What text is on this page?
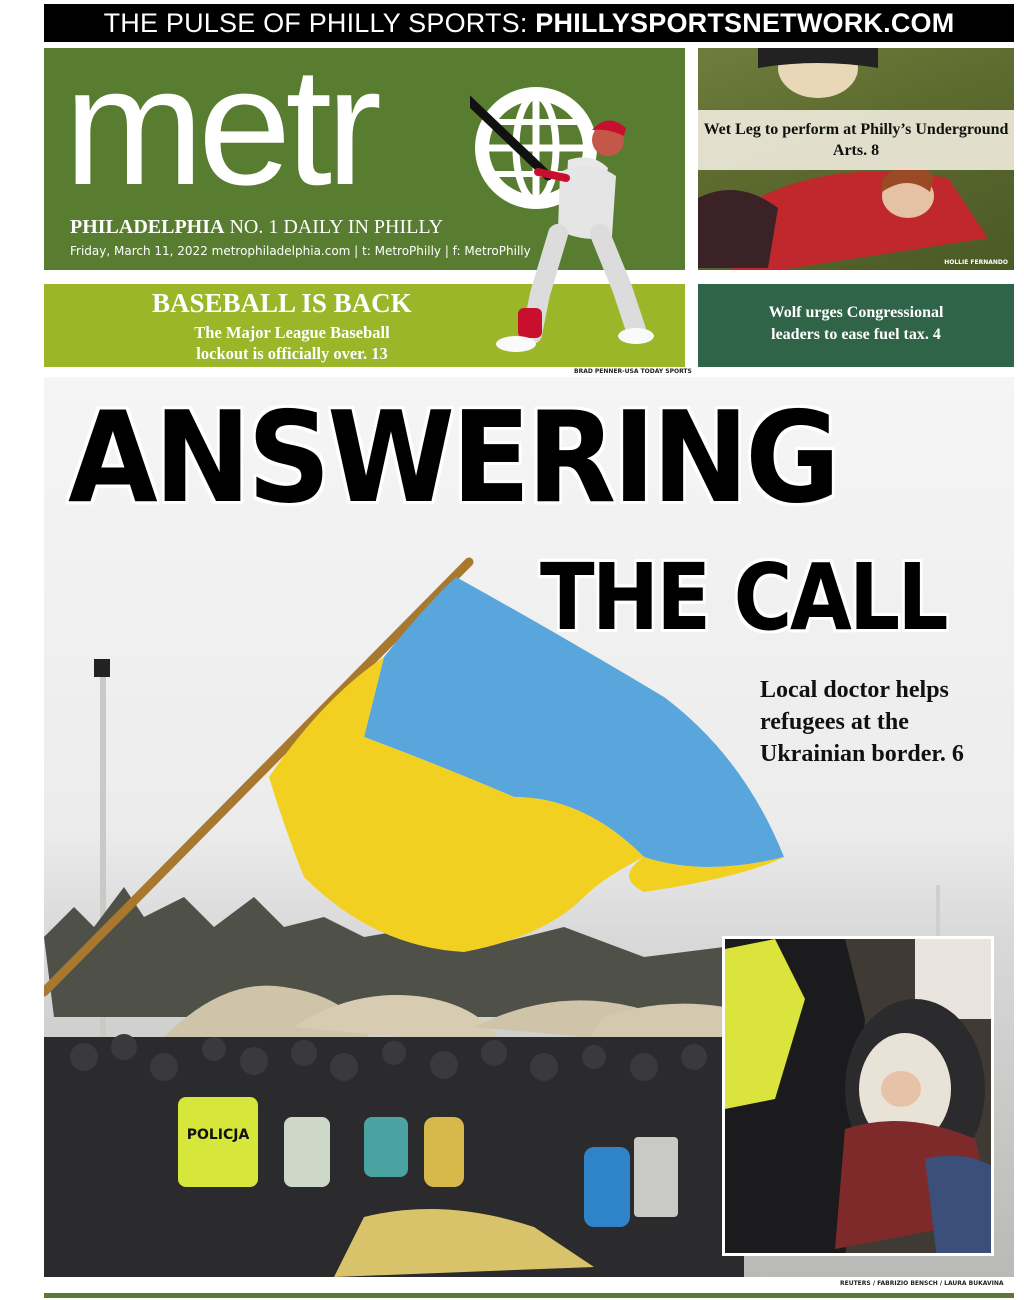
THE PULSE OF PHILLY SPORTS: PHILLYSPORTSNETWORK.COM
metr
PHILADELPHIA NO. 1 DAILY IN PHILLY
Friday, March 11, 2022 metrophiladelphia.com | t: MetroPhilly | f: MetroPhilly
BASEBALL IS BACK
The Major League Baseball lockout is officially over. 13
BRAD PENNER-USA TODAY SPORTS
Wet Leg to perform at Philly’s Underground Arts. 8
HOLLIE FERNANDO
Wolf urges Congressional leaders to ease fuel tax. 4
POLICJA
ANSWERING
THE CALL
Local doctor helps refugees at the Ukrainian border. 6
REUTERS / FABRIZIO BENSCH / LAURA BUKAVINA
